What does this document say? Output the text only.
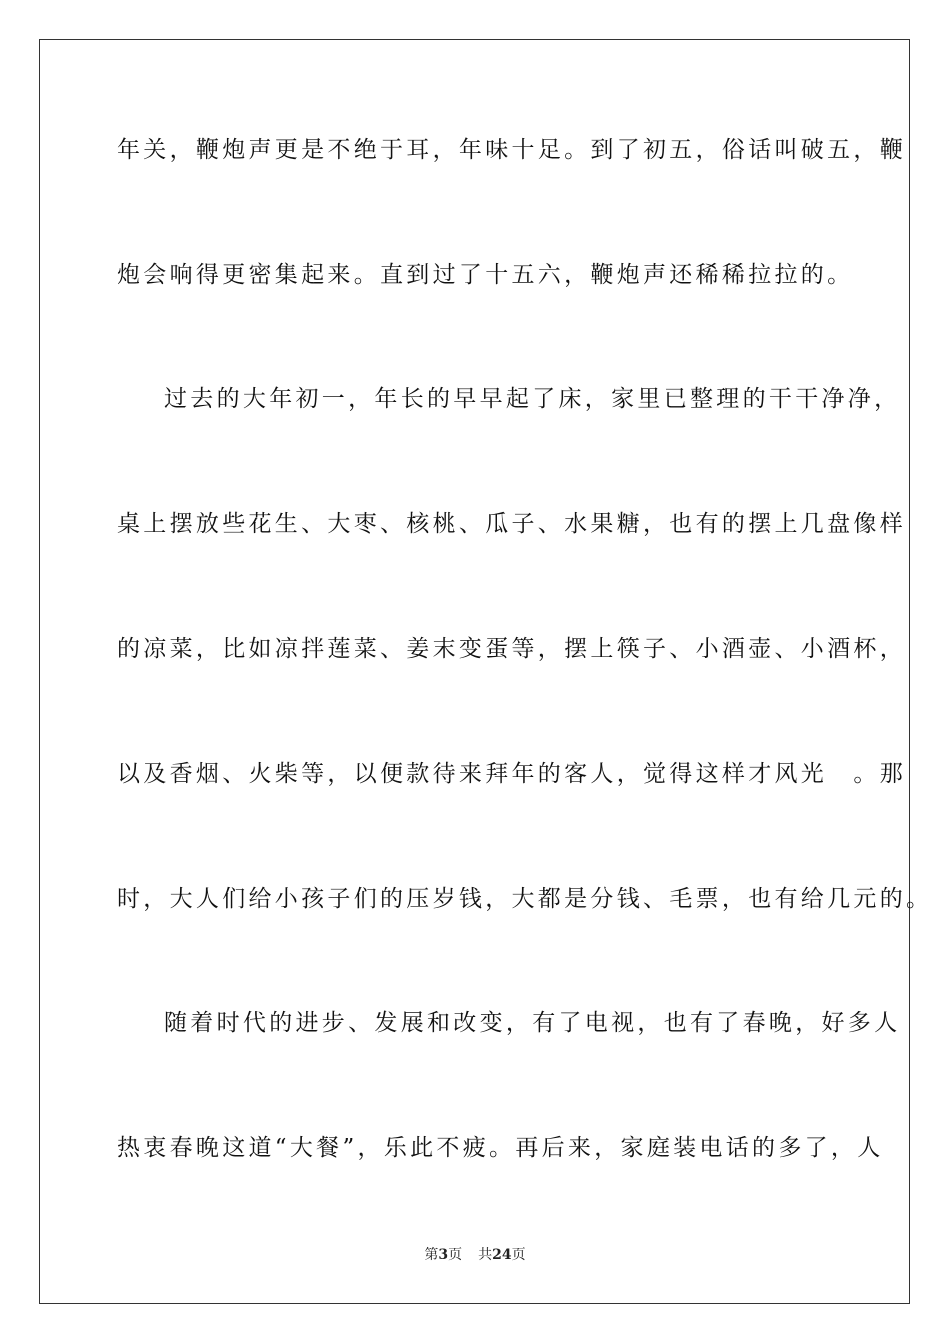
年关，鞭炮声更是不绝于耳，年味十足。到了初五，俗话叫破五，鞭
炮会响得更密集起来。直到过了十五六，鞭炮声还稀稀拉拉的。
过去的大年初一，年长的早早起了床，家里已整理的干干净净，
桌上摆放些花生、大枣、核桃、瓜子、水果糖，也有的摆上几盘像样
的凉菜，比如凉拌莲菜、姜末变蛋等，摆上筷子、小酒壶、小酒杯，
以及香烟、火柴等，以便款待来拜年的客人，觉得这样才风光　。那
时，大人们给小孩子们的压岁钱，大都是分钱、毛票，也有给几元的。
随着时代的进步、发展和改变，有了电视，也有了春晚，好多人
热衷春晚这道“大餐”，乐此不疲。再后来，家庭装电话的多了，人
第3页 共24页
